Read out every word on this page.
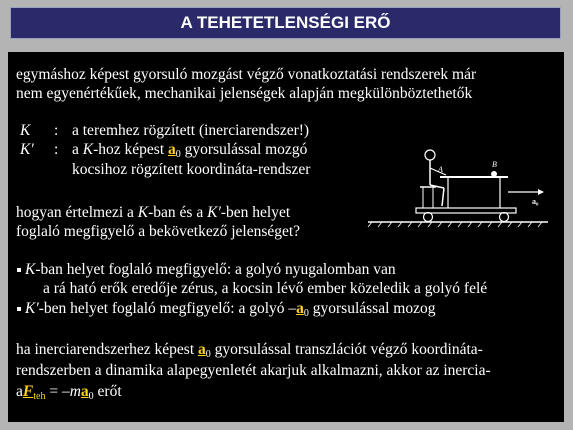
A TEHETETLENSÉGI ERŐ
egymáshoz képest gyorsuló mozgást végző vonatkoztatási rendszerek már
nem egyenértékűek, mechanikai jelenségek alapján megkülönböztethetők
K : a teremhez rögzített (inerciarendszer!)
K′ : a K-hoz képest $a_0$ gyorsulással mozgó
kocsihoz rögzített koordináta-rendszer
hogyan értelmezi a K-ban és a K′-ben helyet
foglaló megfigyelő a bekövetkező jelenséget?
K-ban helyet foglaló megfigyelő: a golyó nyugalomban van
a rá ható erők eredője zérus, a kocsin lévő ember közeledik a golyó felé
K′-ben helyet foglaló megfigyelő: a golyó $-a_0$ gyorsulással mozog
ha inerciarendszerhez képest $a_0$ gyorsulással transzlációt végző koordináta-
rendszerben a dinamika alapegyenletét akarjuk alkalmazni, akkor az inercia-
$aF_{teh} = -ma_0$ erőt
A
B
a₀
